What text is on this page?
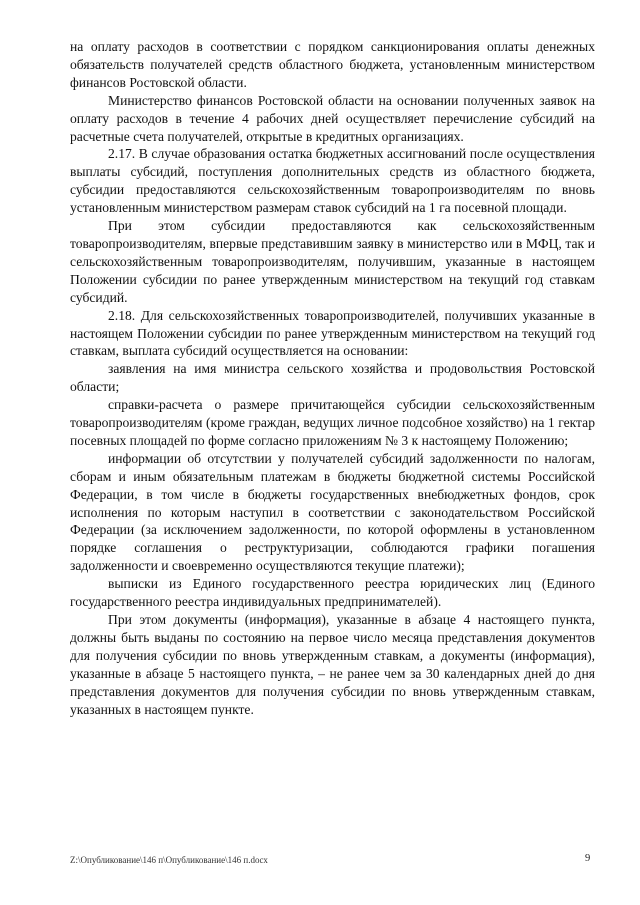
на оплату расходов в соответствии с порядком санкционирования оплаты денежных обязательств получателей средств областного бюджета, установленным министерством финансов Ростовской области.

Министерство финансов Ростовской области на основании полученных заявок на оплату расходов в течение 4 рабочих дней осуществляет перечисление субсидий на расчетные счета получателей, открытые в кредитных организациях.

2.17. В случае образования остатка бюджетных ассигнований после осуществления выплаты субсидий, поступления дополнительных средств из областного бюджета, субсидии предоставляются сельскохозяйственным товаропроизводителям по вновь установленным министерством размерам ставок субсидий на 1 га посевной площади.

При этом субсидии предоставляются как сельскохозяйственным товаропроизводителям, впервые представившим заявку в министерство или в МФЦ, так и сельскохозяйственным товаропроизводителям, получившим, указанные в настоящем Положении субсидии по ранее утвержденным министерством на текущий год ставкам субсидий.

2.18. Для сельскохозяйственных товаропроизводителей, получивших указанные в настоящем Положении субсидии по ранее утвержденным министерством на текущий год ставкам, выплата субсидий осуществляется на основании:

заявления на имя министра сельского хозяйства и продовольствия Ростовской области;

справки-расчета о размере причитающейся субсидии сельскохозяйственным товаропроизводителям (кроме граждан, ведущих личное подсобное хозяйство) на 1 гектар посевных площадей по форме согласно приложениям № 3 к настоящему Положению;

информации об отсутствии у получателей субсидий задолженности по налогам, сборам и иным обязательным платежам в бюджеты бюджетной системы Российской Федерации, в том числе в бюджеты государственных внебюджетных фондов, срок исполнения по которым наступил в соответствии с законодательством Российской Федерации (за исключением задолженности, по которой оформлены в установленном порядке соглашения о реструктуризации, соблюдаются графики погашения задолженности и своевременно осуществляются текущие платежи);

выписки из Единого государственного реестра юридических лиц (Единого государственного реестра индивидуальных предпринимателей).

При этом документы (информация), указанные в абзаце 4 настоящего пункта, должны быть выданы по состоянию на первое число месяца представления документов для получения субсидии по вновь утвержденным ставкам, а документы (информация), указанные в абзаце 5 настоящего пункта, – не ранее чем за 30 календарных дней до дня представления документов для получения субсидии по вновь утвержденным ставкам, указанных в настоящем пункте.

Z:\Опубликование\146 п\Опубликование\146 п.docx	9
